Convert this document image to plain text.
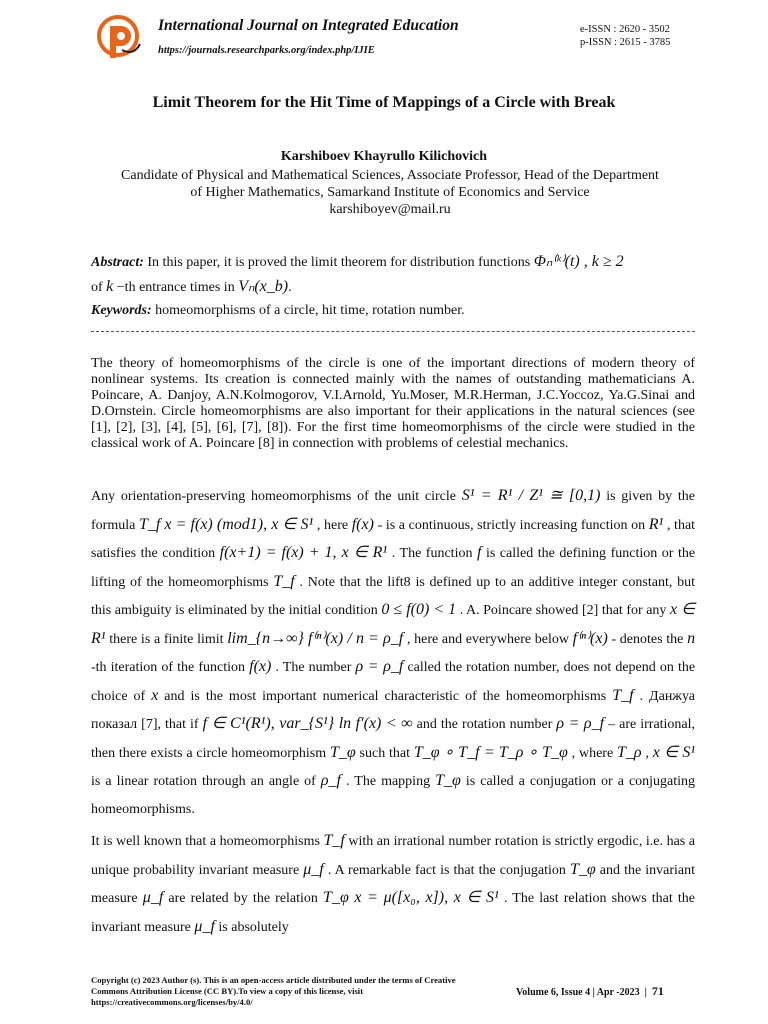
International Journal on Integrated Education
https://journals.researchparks.org/index.php/IJIE
e-ISSN : 2620 - 3502
p-ISSN : 2615 - 3785
Limit Theorem for the Hit Time of Mappings of a Circle with Break
Karshiboev Khayrullo Kilichovich
Candidate of Physical and Mathematical Sciences, Associate Professor, Head of the Department
of Higher Mathematics, Samarkand Institute of Economics and Service
karshiboyev@mail.ru
Abstract: In this paper, it is proved the limit theorem for distribution functions Φₙ⁽ᵏ⁾(t) , k ≥ 2
of k −th entrance times in Vₙ(x_b).
Keywords: homeomorphisms of a circle, hit time, rotation number.
The theory of homeomorphisms of the circle is one of the important directions of modern theory of nonlinear systems. Its creation is connected mainly with the names of outstanding mathematicians A. Poincare, A. Danjoy, A.N.Kolmogorov, V.I.Arnold, Yu.Moser, M.R.Herman, J.C.Yoccoz, Ya.G.Sinai and D.Ornstein. Circle homeomorphisms are also important for their applications in the natural sciences (see [1], [2], [3], [4], [5], [6], [7], [8]). For the first time homeomorphisms of the circle were studied in the classical work of A. Poincare [8] in connection with problems of celestial mechanics.

Any orientation-preserving homeomorphisms of the unit circle S¹ = R¹ / Z¹ ≅ [0,1) is given by the formula T_f x = f(x) (mod1), x ∈ S¹ , here f(x) - is a continuous, strictly increasing function on R¹ , that satisfies the condition f(x+1) = f(x) + 1, x ∈ R¹ . The function f is called the defining function or the lifting of the homeomorphisms T_f . Note that the lift8 is defined up to an additive integer constant, but this ambiguity is eliminated by the initial condition 0 ≤ f(0) < 1 . A. Poincare showed [2] that for any x ∈ R¹ there is a finite limit lim_{n→∞} f⁽ⁿ⁾(x) / n = ρ_f , here and everywhere below f⁽ⁿ⁾(x) - denotes the n -th iteration of the function f(x) . The number ρ = ρ_f called the rotation number, does not depend on the choice of x and is the most important numerical characteristic of the homeomorphisms T_f . Данжуа показал [7], that if f ∈ C¹(R¹), var_{S¹} ln f′(x) < ∞ and the rotation number ρ = ρ_f – are irrational, then there exists a circle homeomorphism T_φ such that T_φ ∘ T_f = T_ρ ∘ T_φ , where T_ρ , x ∈ S¹ is a linear rotation through an angle of ρ_f . The mapping T_φ is called a conjugation or a conjugating homeomorphisms.

It is well known that a homeomorphisms T_f with an irrational number rotation is strictly ergodic, i.e. has a unique probability invariant measure μ_f . A remarkable fact is that the conjugation T_φ and the invariant measure μ_f are related by the relation T_φ x = μ([x₀, x]), x ∈ S¹ . The last relation shows that the invariant measure μ_f is absolutely

Copyright (c) 2023 Author (s). This is an open-access article distributed under the terms of Creative Commons Attribution License (CC BY).To view a copy of this license, visit https://creativecommons.org/licenses/by/4.0/
Volume 6, Issue 4 | Apr -2023 | 71
